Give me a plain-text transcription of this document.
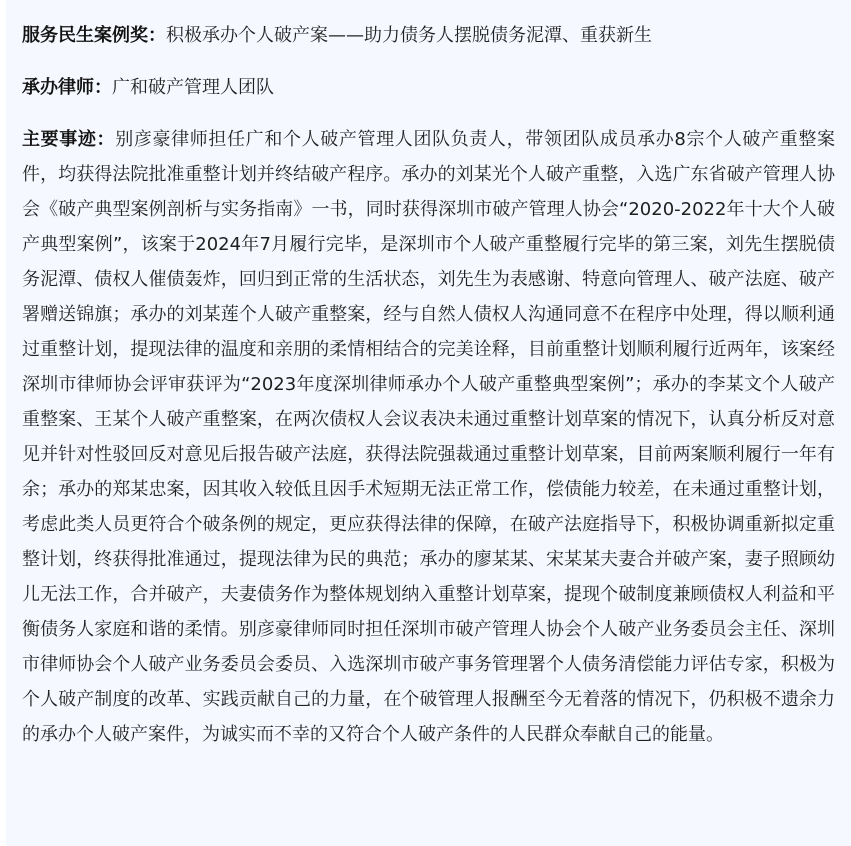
服务民生案例奖：积极承办个人破产案——助力债务人摆脱债务泥潭、重获新生

承办律师：广和破产管理人团队

主要事迹：别彦豪律师担任广和个人破产管理人团队负责人，带领团队成员承办8宗个人破产重整案件，均获得法院批准重整计划并终结破产程序。承办的刘某光个人破产重整，入选广东省破产管理人协会《破产典型案例剖析与实务指南》一书，同时获得深圳市破产管理人协会“2020-2022年十大个人破产典型案例”，该案于2024年7月履行完毕，是深圳市个人破产重整履行完毕的第三案，刘先生摆脱债务泥潭、债权人催债轰炸，回归到正常的生活状态，刘先生为表感谢、特意向管理人、破产法庭、破产署赠送锦旗；承办的刘某莲个人破产重整案，经与自然人债权人沟通同意不在程序中处理，得以顺利通过重整计划，提现法律的温度和亲朋的柔情相结合的完美诠释，目前重整计划顺利履行近两年，该案经深圳市律师协会评审获评为“2023年度深圳律师承办个人破产重整典型案例”；承办的李某文个人破产重整案、王某个人破产重整案，在两次债权人会议表决未通过重整计划草案的情况下，认真分析反对意见并针对性驳回反对意见后报告破产法庭，获得法院强裁通过重整计划草案，目前两案顺利履行一年有余；承办的郑某忠案，因其收入较低且因手术短期无法正常工作，偿债能力较差，在未通过重整计划，考虑此类人员更符合个破条例的规定，更应获得法律的保障，在破产法庭指导下，积极协调重新拟定重整计划，终获得批准通过，提现法律为民的典范；承办的廖某某、宋某某夫妻合并破产案，妻子照顾幼儿无法工作，合并破产，夫妻债务作为整体规划纳入重整计划草案，提现个破制度兼顾债权人利益和平衡债务人家庭和谐的柔情。别彦豪律师同时担任深圳市破产管理人协会个人破产业务委员会主任、深圳市律师协会个人破产业务委员会委员、入选深圳市破产事务管理署个人债务清偿能力评估专家，积极为个人破产制度的改革、实践贡献自己的力量，在个破管理人报酬至今无着落的情况下，仍积极不遗余力的承办个人破产案件，为诚实而不幸的又符合个人破产条件的人民群众奉献自己的能量。
